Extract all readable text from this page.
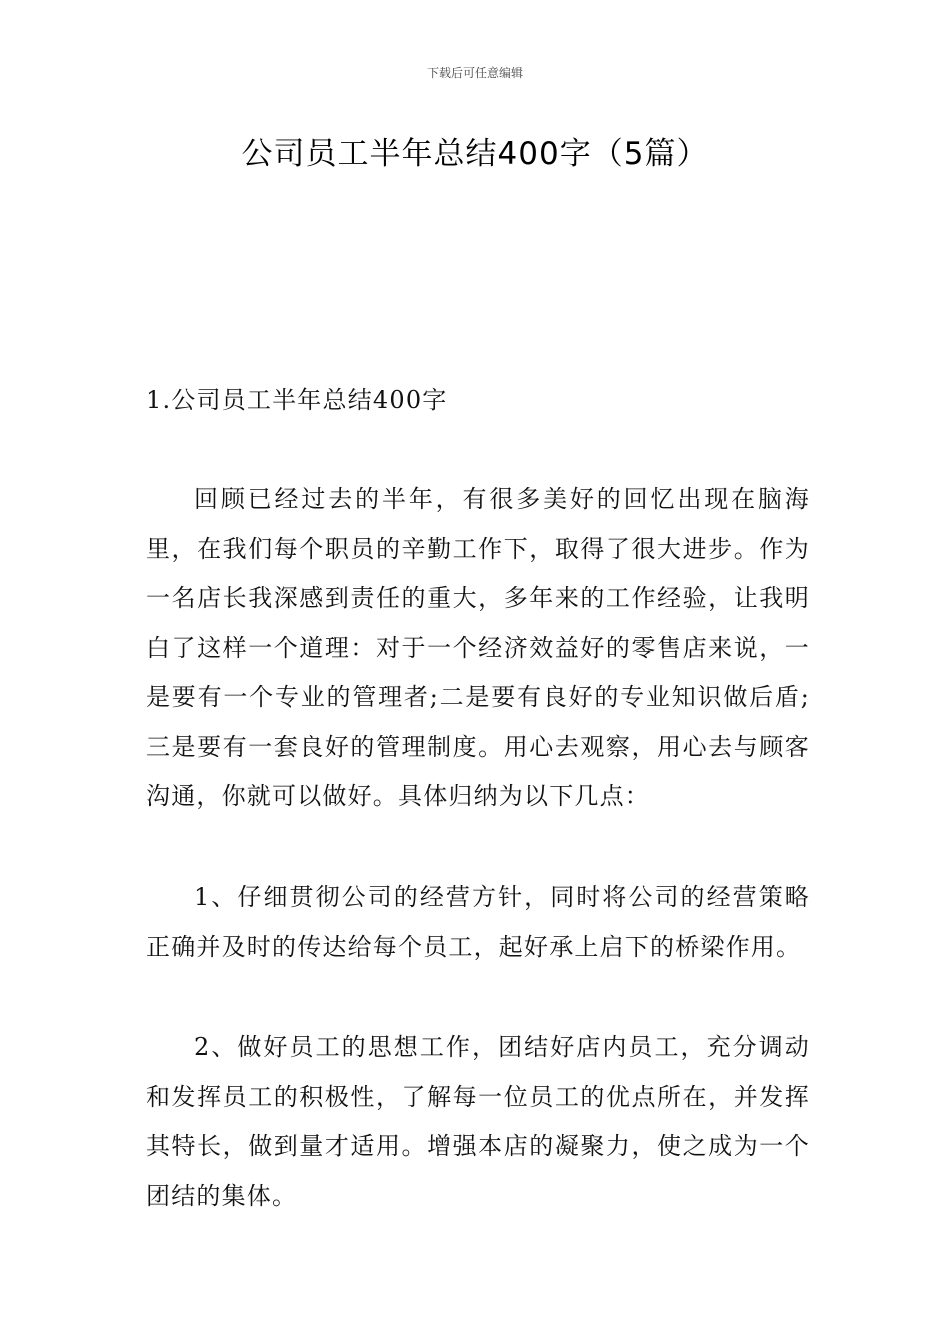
下载后可任意编辑
公司员工半年总结400字（5篇）

1.公司员工半年总结400字

回顾已经过去的半年，有很多美好的回忆出现在脑海里，在我们每个职员的辛勤工作下，取得了很大进步。作为一名店长我深感到责任的重大，多年来的工作经验，让我明白了这样一个道理：对于一个经济效益好的零售店来说，一是要有一个专业的管理者;二是要有良好的专业知识做后盾;三是要有一套良好的管理制度。用心去观察，用心去与顾客沟通，你就可以做好。具体归纳为以下几点：

1、仔细贯彻公司的经营方针，同时将公司的经营策略正确并及时的传达给每个员工，起好承上启下的桥梁作用。

2、做好员工的思想工作，团结好店内员工，充分调动和发挥员工的积极性，了解每一位员工的优点所在，并发挥其特长，做到量才适用。增强本店的凝聚力，使之成为一个团结的集体。
